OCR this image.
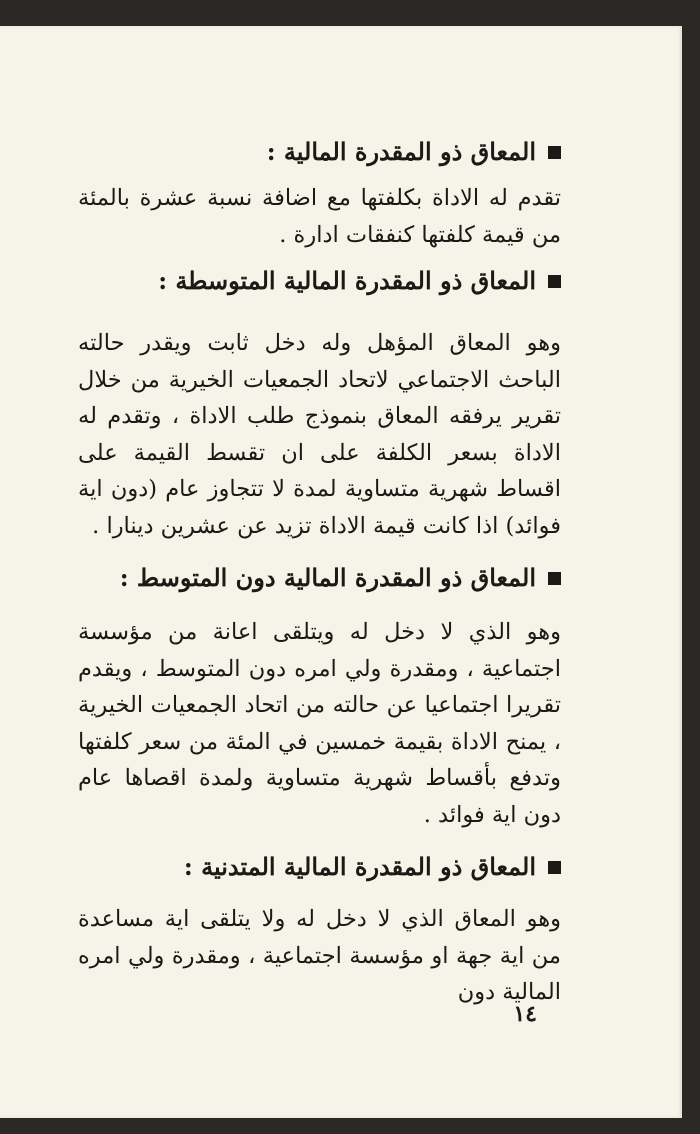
المعاق ذو المقدرة المالية :

تقدم له الاداة بكلفتها مع اضافة نسبة عشرة بالمئة من قيمة كلفتها كنفقات ادارة .

المعاق ذو المقدرة المالية المتوسطة :

وهو المعاق المؤهل وله دخل ثابت ويقدر حالته الباحث الاجتماعي لاتحاد الجمعيات الخيرية من خلال تقرير يرفقه المعاق بنموذج طلب الاداة ، وتقدم له الاداة بسعر الكلفة على ان تقسط القيمة على اقساط شهرية متساوية لمدة لا تتجاوز عام (دون اية فوائد) اذا كانت قيمة الاداة تزيد عن عشرين دينارا .

المعاق ذو المقدرة المالية دون المتوسط :

وهو الذي لا دخل له ويتلقى اعانة من مؤسسة اجتماعية ، ومقدرة ولي امره دون المتوسط ، ويقدم تقريرا اجتماعيا عن حالته من اتحاد الجمعيات الخيرية ، يمنح الاداة بقيمة خمسين في المئة من سعر كلفتها وتدفع بأقساط شهرية متساوية ولمدة اقصاها عام دون اية فوائد .

المعاق ذو المقدرة المالية المتدنية :

وهو المعاق الذي لا دخل له ولا يتلقى اية مساعدة من اية جهة او مؤسسة اجتماعية ، ومقدرة ولي امره المالية دون

١٤
